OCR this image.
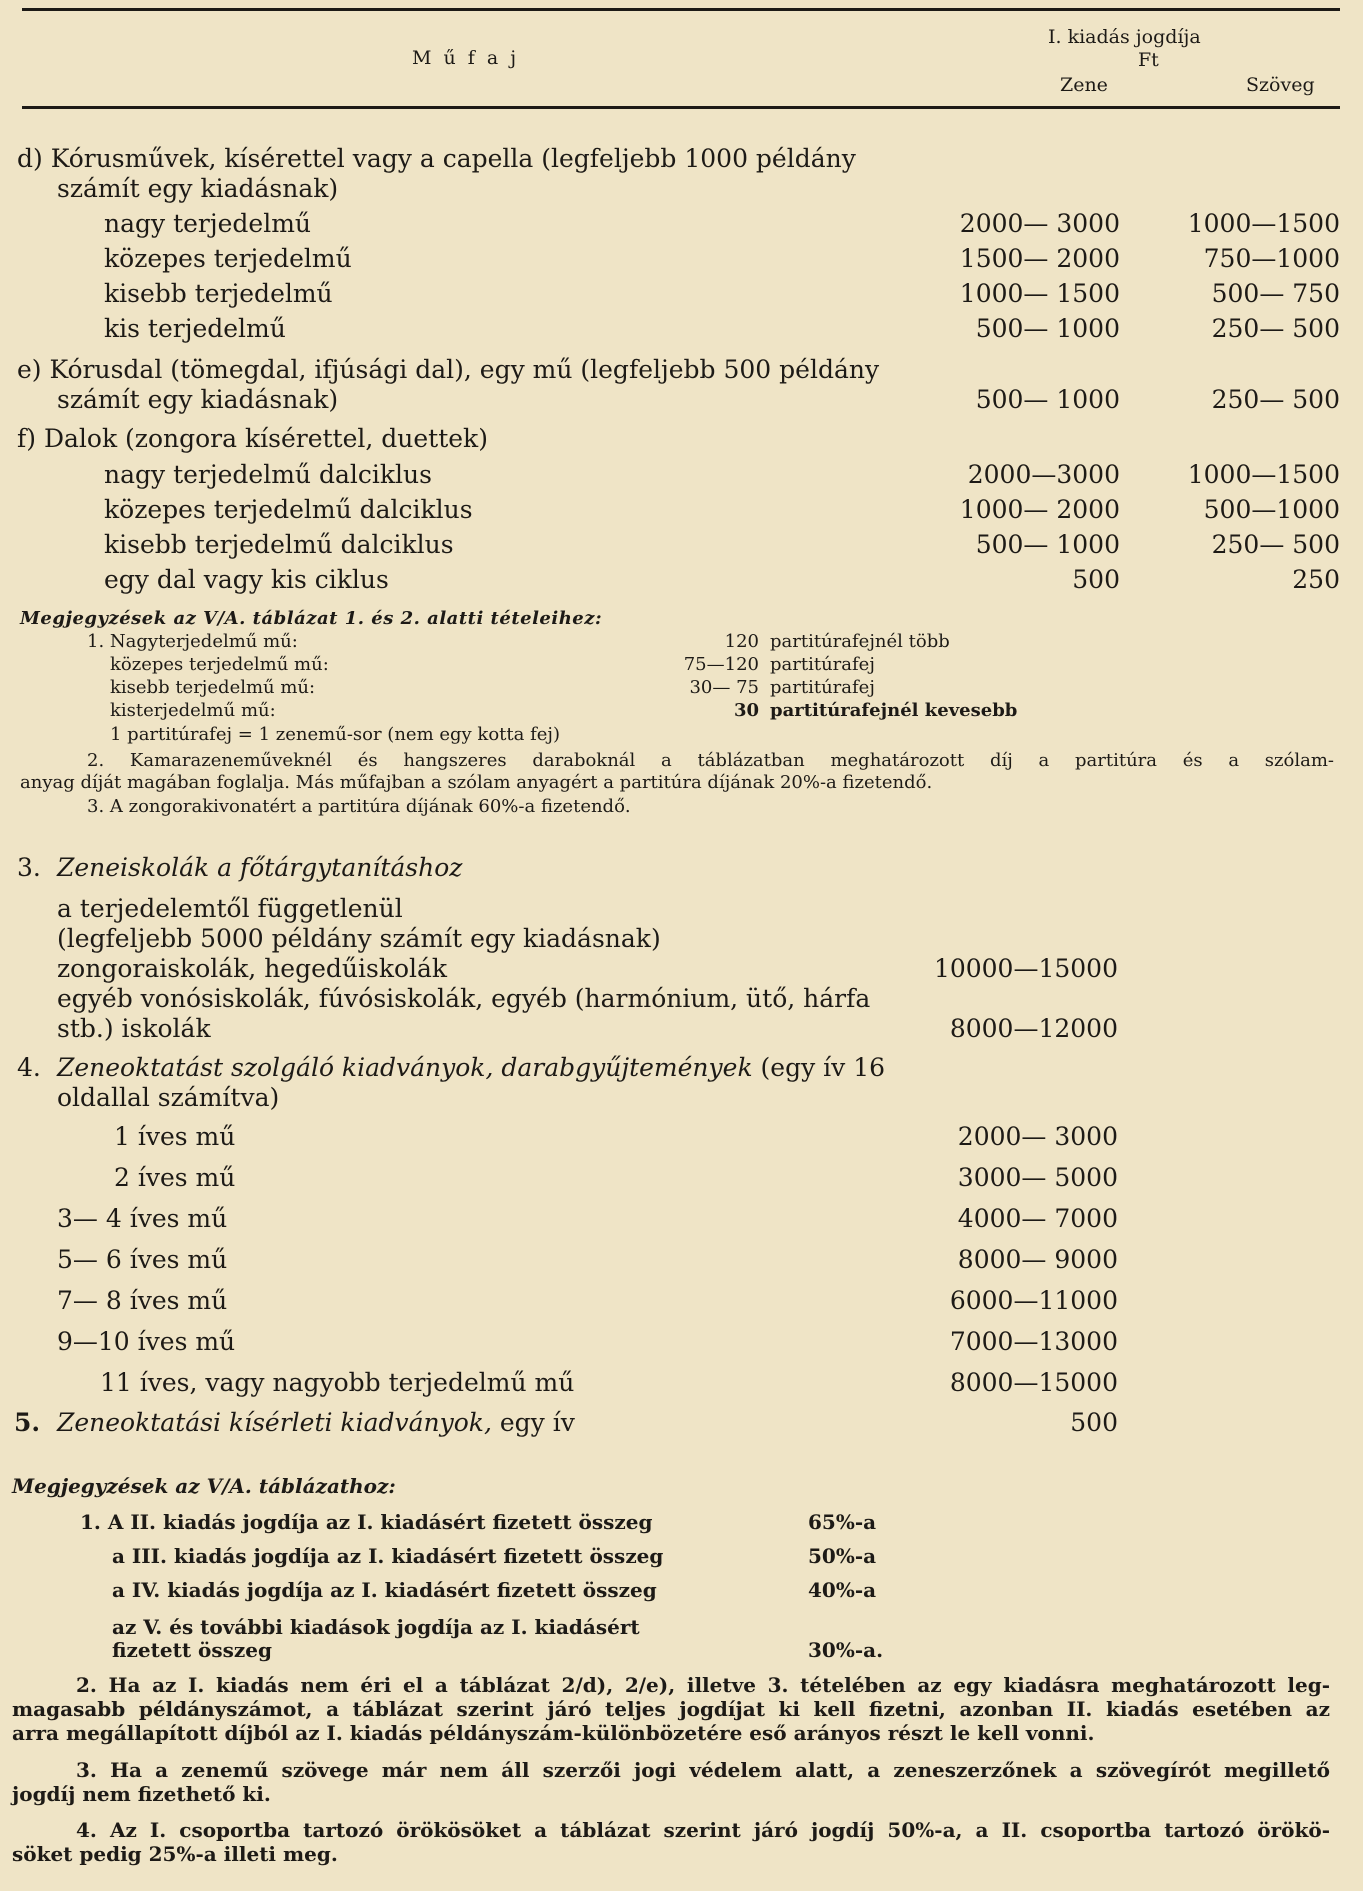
M ű f a j
I. kiadás jogdíja
Ft
Zene	Szöveg
d) Kórusművek, kísérettel vagy a capella (legfeljebb 1000 példány
számít egy kiadásnak)
nagy terjedelmű	2000— 3000	1000—1500
közepes terjedelmű	1500— 2000	750—1000
kisebb terjedelmű	1000— 1500	500— 750
kis terjedelmű	500— 1000	250— 500
e) Kórusdal (tömegdal, ifjúsági dal), egy mű (legfeljebb 500 példány
számít egy kiadásnak)	500— 1000	250— 500
f) Dalok (zongora kísérettel, duettek)
nagy terjedelmű dalciklus	2000—3000	1000—1500
közepes terjedelmű dalciklus	1000— 2000	500—1000
kisebb terjedelmű dalciklus	500— 1000	250— 500
egy dal vagy kis ciklus	500	250
Megjegyzések az V/A. táblázat 1. és 2. alatti tételeihez:
1. Nagyterjedelmű mű:	120 partitúrafejnél több
közepes terjedelmű mű:	75—120 partitúrafej
kisebb terjedelmű mű:	30— 75 partitúrafej
kisterjedelmű mű:	30 partitúrafejnél kevesebb
1 partitúrafej = 1 zenemű-sor (nem egy kotta fej)
2. Kamarazeneműveknél és hangszeres daraboknál a táblázatban meghatározott díj a partitúra és a szólam-
anyag díját magában foglalja. Más műfajban a szólam anyagért a partitúra díjának 20%-a fizetendő.
3. A zongorakivonatért a partitúra díjának 60%-a fizetendő.
3. Zeneiskolák a főtárgytanításhoz
a terjedelemtől függetlenül
(legfeljebb 5000 példány számít egy kiadásnak)
zongoraiskolák, hegedűiskolák	10000—15000
egyéb vonósiskolák, fúvósiskolák, egyéb (harmónium, ütő, hárfa
stb.) iskolák	8000—12000
4. Zeneoktatást szolgáló kiadványok, darabgyűjtemények (egy ív 16
oldallal számítva)
1 íves mű	2000— 3000
2 íves mű	3000— 5000
3— 4 íves mű	4000— 7000
5— 6 íves mű	8000— 9000
7— 8 íves mű	6000—11000
9—10 íves mű	7000—13000
11 íves, vagy nagyobb terjedelmű mű	8000—15000
5. Zeneoktatási kísérleti kiadványok, egy ív	500
Megjegyzések az V/A. táblázathoz:
1. A II. kiadás jogdíja az I. kiadásért fizetett összeg	65%-a
a III. kiadás jogdíja az I. kiadásért fizetett összeg	50%-a
a IV. kiadás jogdíja az I. kiadásért fizetett összeg	40%-a
az V. és további kiadások jogdíja az I. kiadásért
fizetett összeg	30%-a.
2. Ha az I. kiadás nem éri el a táblázat 2/d), 2/e), illetve 3. tételében az egy kiadásra meghatározott leg-
magasabb példányszámot, a táblázat szerint járó teljes jogdíjat ki kell fizetni, azonban II. kiadás esetében az
arra megállapított díjból az I. kiadás példányszám-különbözetére eső arányos részt le kell vonni.
3. Ha a zenemű szövege már nem áll szerzői jogi védelem alatt, a zeneszerzőnek a szövegírót megillető
jogdíj nem fizethető ki.
4. Az I. csoportba tartozó örökösöket a táblázat szerint járó jogdíj 50%-a, a II. csoportba tartozó örökö-
söket pedig 25%-a illeti meg.
